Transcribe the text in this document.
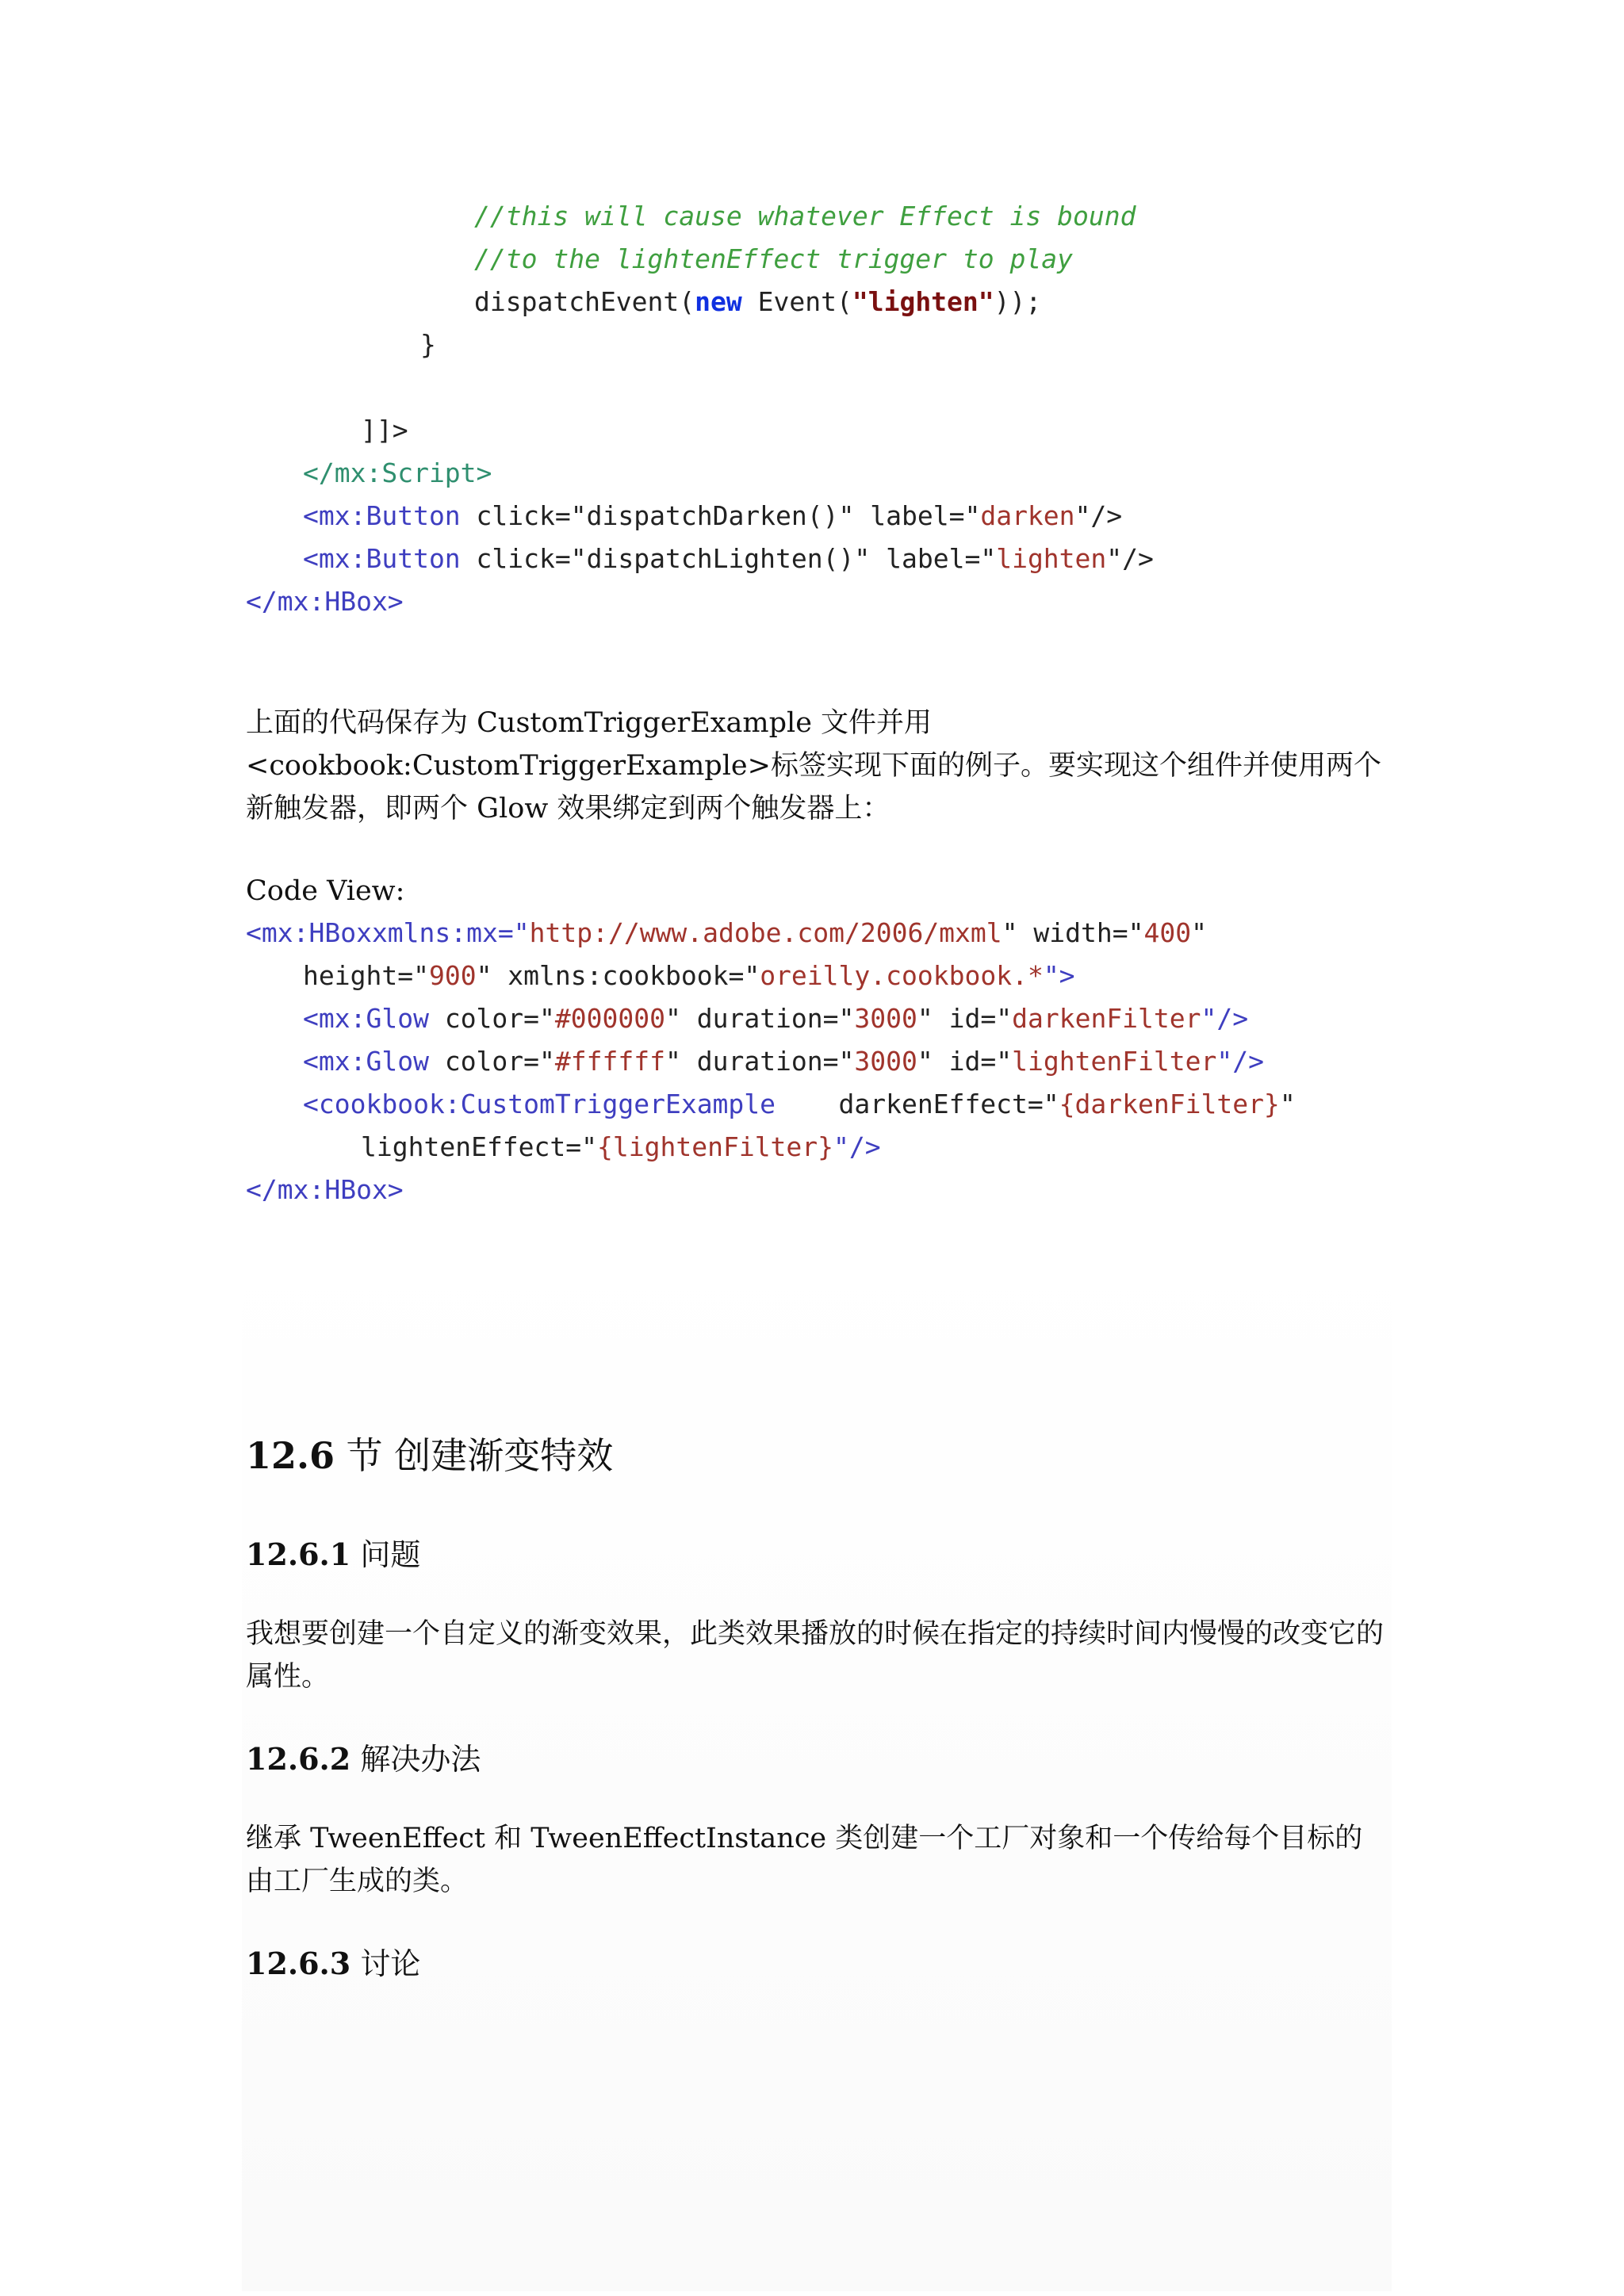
//this will cause whatever Effect is bound

//to the lightenEffect trigger to play

dispatchEvent(new Event("lighten"));

}

]]>

</mx:Script>

<mx:Button click="dispatchDarken()" label="darken"/>

<mx:Button click="dispatchLighten()" label="lighten"/>

</mx:HBox>

上面的代码保存为 CustomTriggerExample 文件并用<cookbook:CustomTriggerExample>标签实现下面的例子。要实现这个组件并使用两个新触发器，即两个 Glow 效果绑定到两个触发器上：
Code View:

<mx:HBoxxmlns:mx="http://www.adobe.com/2006/mxml" width="400"

height="900" xmlns:cookbook="oreilly.cookbook.*">

<mx:Glow color="#000000" duration="3000" id="darkenFilter"/>

<mx:Glow color="#ffffff" duration="3000" id="lightenFilter"/>

<cookbook:CustomTriggerExample    darkenEffect="{darkenFilter}"

lightenEffect="{lightenFilter}"/>

</mx:HBox>

12.6 节 创建渐变特效
12.6.1 问题
我想要创建一个自定义的渐变效果，此类效果播放的时候在指定的持续时间内慢慢的改变它的属性。
12.6.2 解决办法
继承 TweenEffect 和 TweenEffectInstance 类创建一个工厂对象和一个传给每个目标的由工厂生成的类。
12.6.3 讨论
